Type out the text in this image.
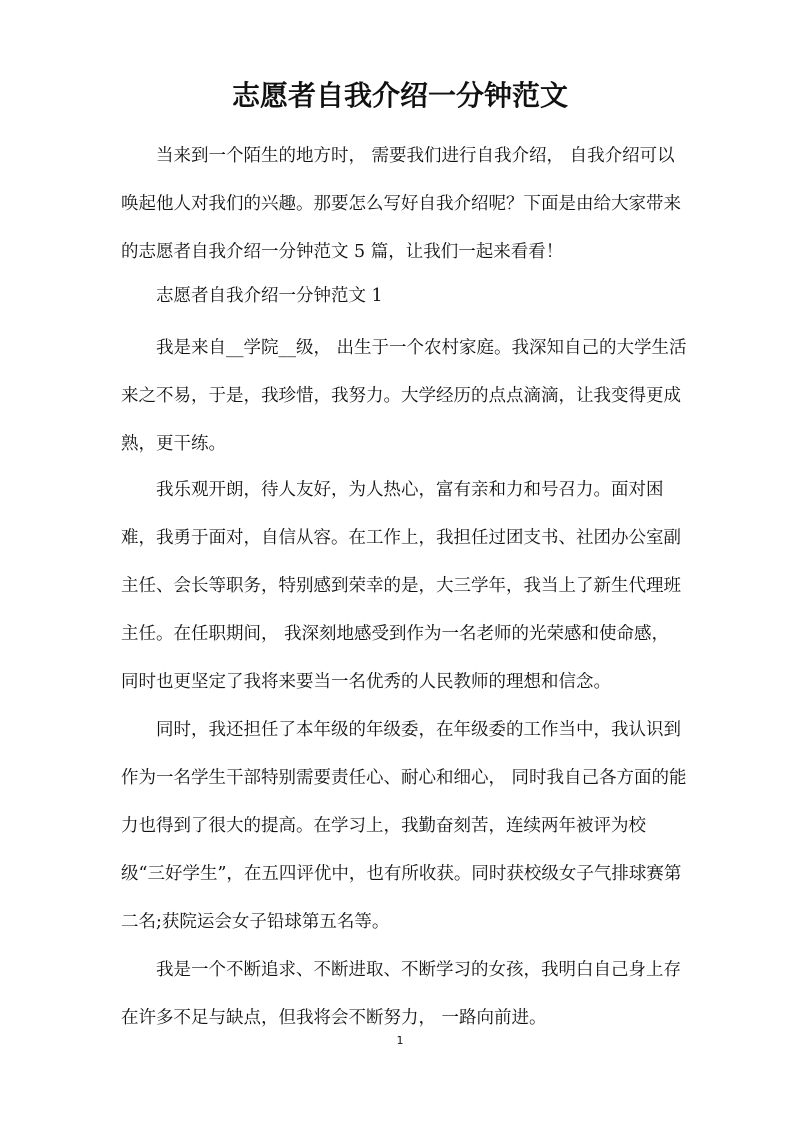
志愿者自我介绍一分钟范文

当来到一个陌生的地方时， 需要我们进行自我介绍， 自我介绍可以唤起他人对我们的兴趣。那要怎么写好自我介绍呢？下面是由给大家带来的志愿者自我介绍一分钟范文 5 篇，让我们一起来看看！

志愿者自我介绍一分钟范文 1

我是来自__学院__级， 出生于一个农村家庭。我深知自己的大学生活来之不易，于是，我珍惜，我努力。大学经历的点点滴滴，让我变得更成熟，更干练。

我乐观开朗，待人友好，为人热心，富有亲和力和号召力。面对困难，我勇于面对，自信从容。在工作上，我担任过团支书、社团办公室副主任、会长等职务，特别感到荣幸的是，大三学年，我当上了新生代理班主任。在任职期间， 我深刻地感受到作为一名老师的光荣感和使命感， 同时也更坚定了我将来要当一名优秀的人民教师的理想和信念。

同时，我还担任了本年级的年级委，在年级委的工作当中，我认识到作为一名学生干部特别需要责任心、耐心和细心， 同时我自己各方面的能力也得到了很大的提高。在学习上，我勤奋刻苦，连续两年被评为校级“三好学生”，在五四评优中，也有所收获。同时获校级女子气排球赛第二名;获院运会女子铅球第五名等。

我是一个不断追求、不断进取、不断学习的女孩，我明白自己身上存在许多不足与缺点，但我将会不断努力， 一路向前进。

1
